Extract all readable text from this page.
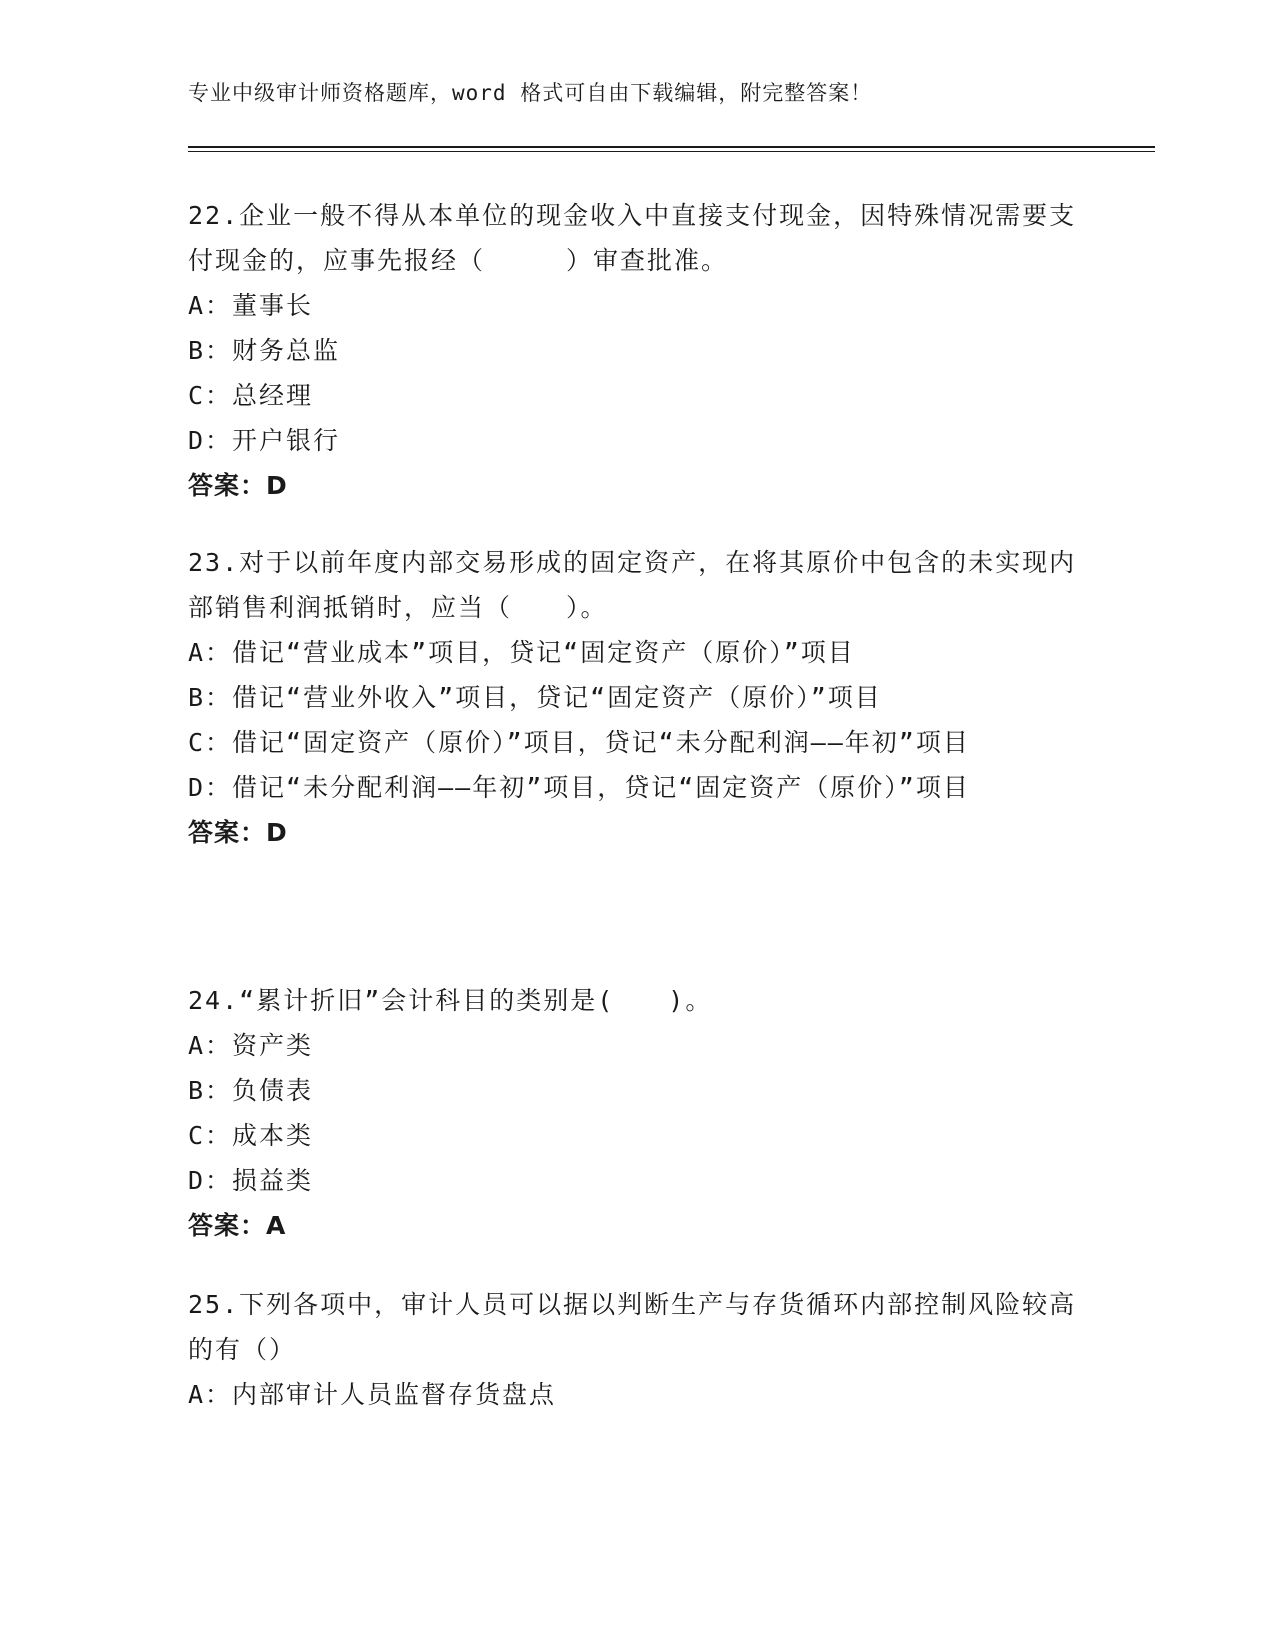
专业中级审计师资格题库，word 格式可自由下载编辑，附完整答案！

22.企业一般不得从本单位的现金收入中直接支付现金，因特殊情况需要支付现金的，应事先报经（　　　）审查批准。

A：董事长

B：财务总监

C：总经理

D：开户银行

答案：D

23.对于以前年度内部交易形成的固定资产，在将其原价中包含的未实现内部销售利润抵销时，应当（　　）。

A：借记“营业成本”项目，贷记“固定资产（原价）”项目

B：借记“营业外收入”项目，贷记“固定资产（原价）”项目

C：借记“固定资产（原价）”项目，贷记“未分配利润——年初”项目

D：借记“未分配利润——年初”项目，贷记“固定资产（原价）”项目

答案：D

24.“累计折旧”会计科目的类别是(　　)。

A：资产类

B：负债表

C：成本类

D：损益类

答案：A

25.下列各项中，审计人员可以据以判断生产与存货循环内部控制风险较高的有（）

A：内部审计人员监督存货盘点
